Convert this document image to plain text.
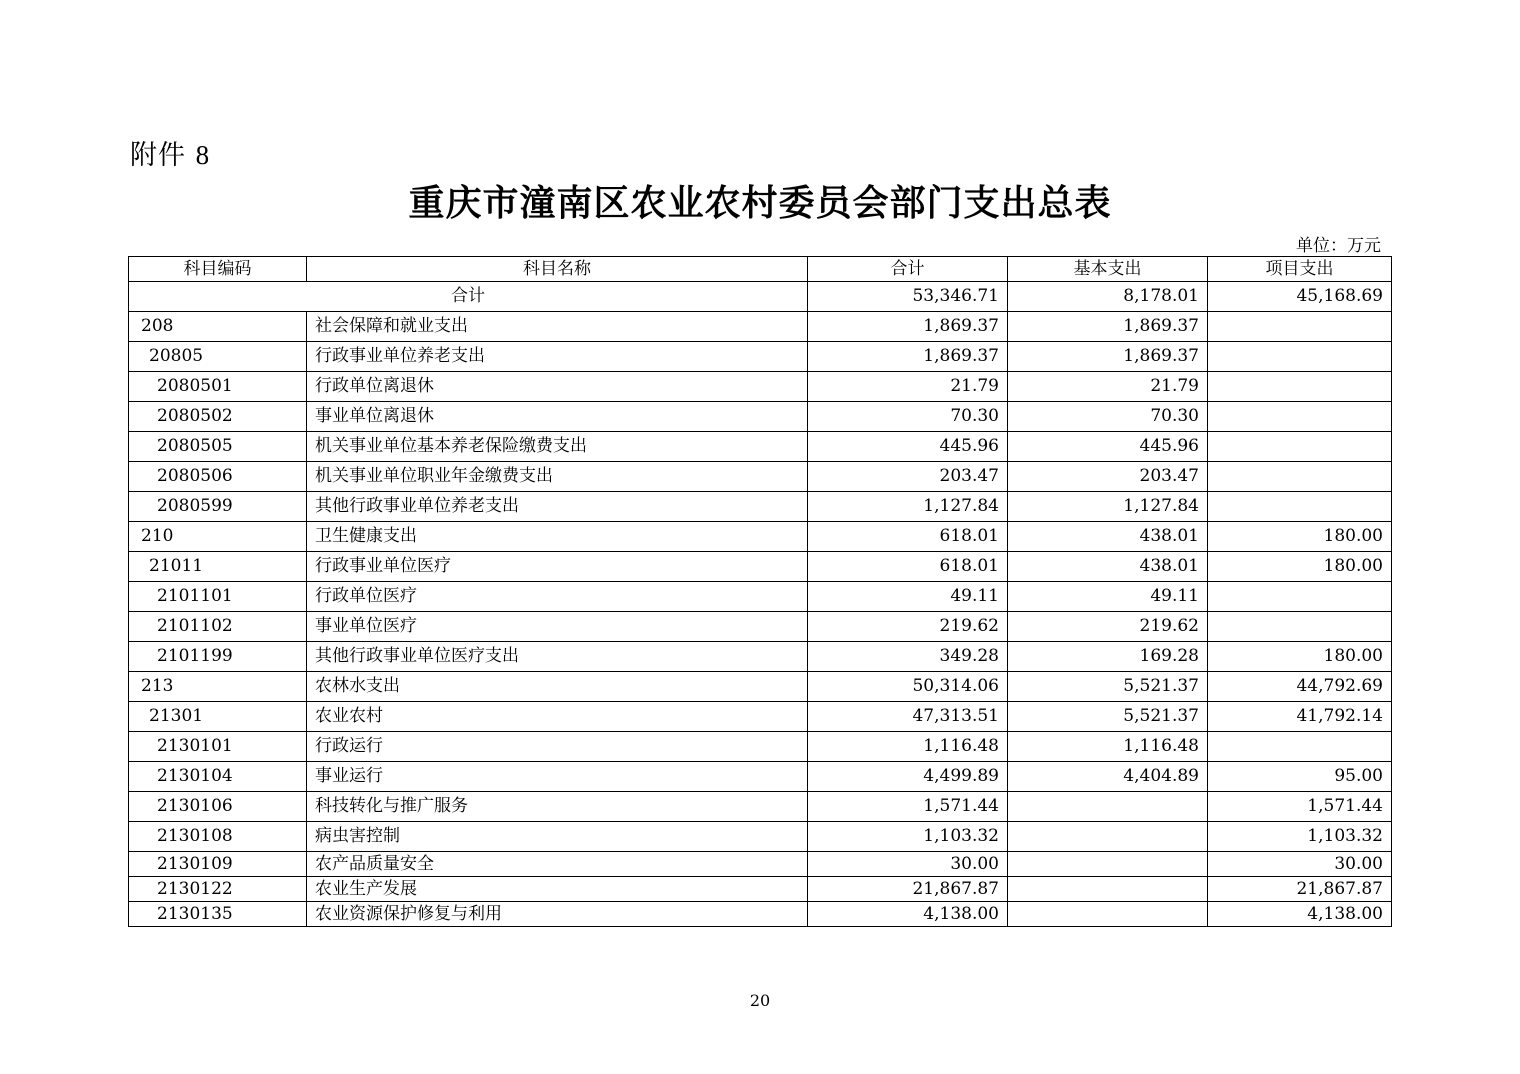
附件 8
重庆市潼南区农业农村委员会部门支出总表
单位：万元
科目编码	科目名称	合计	基本支出	项目支出
合计		53,346.71	8,178.01	45,168.69
208	社会保障和就业支出	1,869.37	1,869.37	
20805	行政事业单位养老支出	1,869.37	1,869.37	
2080501	行政单位离退休	21.79	21.79	
2080502	事业单位离退休	70.30	70.30	
2080505	机关事业单位基本养老保险缴费支出	445.96	445.96	
2080506	机关事业单位职业年金缴费支出	203.47	203.47	
2080599	其他行政事业单位养老支出	1,127.84	1,127.84	
210	卫生健康支出	618.01	438.01	180.00
21011	行政事业单位医疗	618.01	438.01	180.00
2101101	行政单位医疗	49.11	49.11	
2101102	事业单位医疗	219.62	219.62	
2101199	其他行政事业单位医疗支出	349.28	169.28	180.00
213	农林水支出	50,314.06	5,521.37	44,792.69
21301	农业农村	47,313.51	5,521.37	41,792.14
2130101	行政运行	1,116.48	1,116.48	
2130104	事业运行	4,499.89	4,404.89	95.00
2130106	科技转化与推广服务	1,571.44		1,571.44
2130108	病虫害控制	1,103.32		1,103.32
2130109	农产品质量安全	30.00		30.00
2130122	农业生产发展	21,867.87		21,867.87
2130135	农业资源保护修复与利用	4,138.00		4,138.00
20
